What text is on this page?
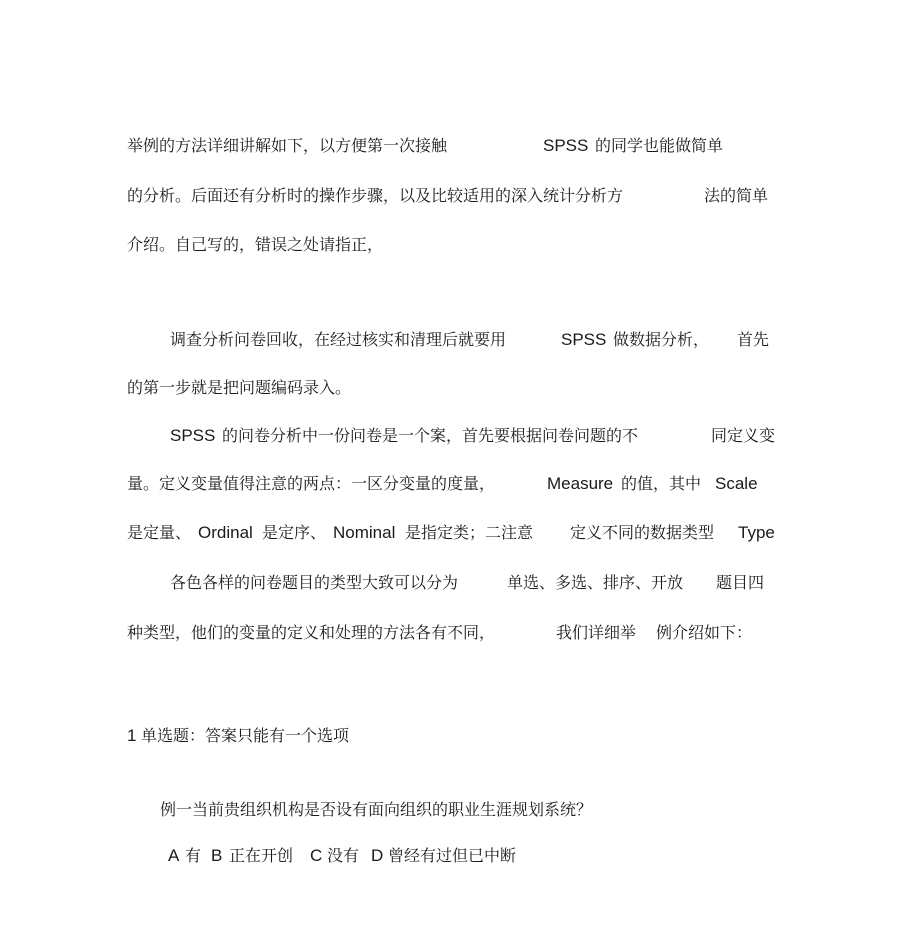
举例的方法详细讲解如下，以方便第一次接触	SPSS 的同学也能做简单
的分析。后面还有分析时的操作步骤，以及比较适用的深入统计分析方	法的简单
介绍。自己写的，错误之处请指正，
调查分析问卷回收，在经过核实和清理后就要用	SPSS 做数据分析， 首先
的第一步就是把问题编码录入。
SPSS 的问卷分析中一份问卷是一个案，首先要根据问卷问题的不	同定义变
量。定义变量值得注意的两点：一区分变量的度量，	Measure 的值，其中 Scale
是定量、 Ordinal 是定序、 Nominal 是指定类；二注意 定义不同的数据类型 Type
各色各样的问卷题目的类型大致可以分为	单选、多选、排序、开放 题目四
种类型，他们的变量的定义和处理的方法各有不同，	我们详细举 例介绍如下：
1 单选题：答案只能有一个选项
例一当前贵组织机构是否设有面向组织的职业生涯规划系统？
A 有 B 正在开创 C 没有 D 曾经有过但已中断
